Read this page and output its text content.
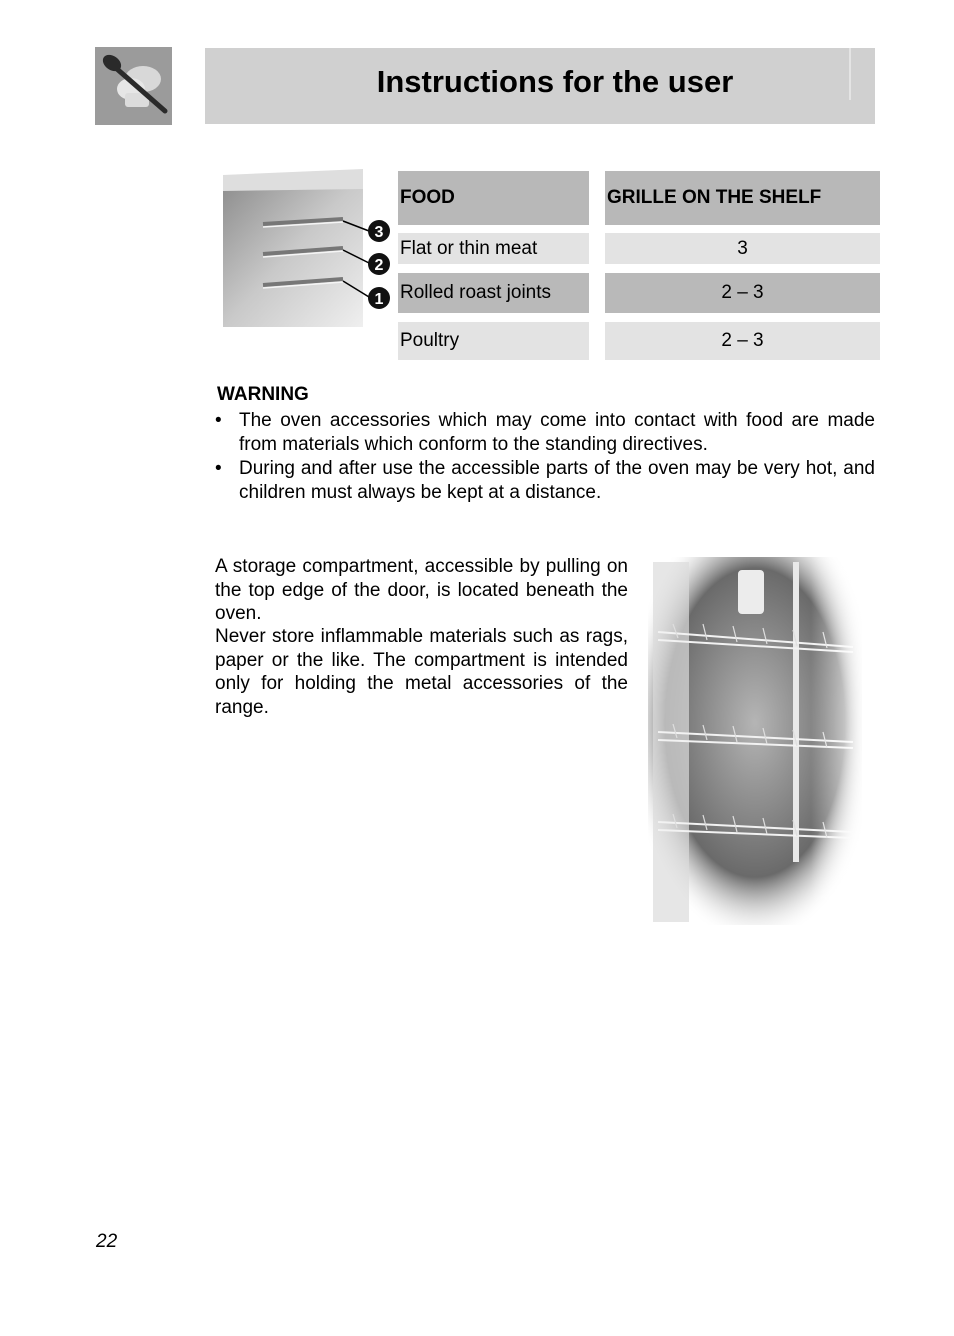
Instructions for the user
3
2
1
FOOD	GRILLE ON THE SHELF
Flat or thin meat	3
Rolled roast joints	2 – 3
Poultry	2 – 3
WARNING
• The oven accessories which may come into contact with food are made from materials which conform to the standing directives.
• During and after use the accessible parts of the oven may be very hot, and children must always be kept at a distance.

A storage compartment, accessible by pulling on the top edge of the door, is located beneath the oven.

Never store inflammable materials such as rags, paper or the like. The compartment is intended only for holding the metal accessories of the range.

22
